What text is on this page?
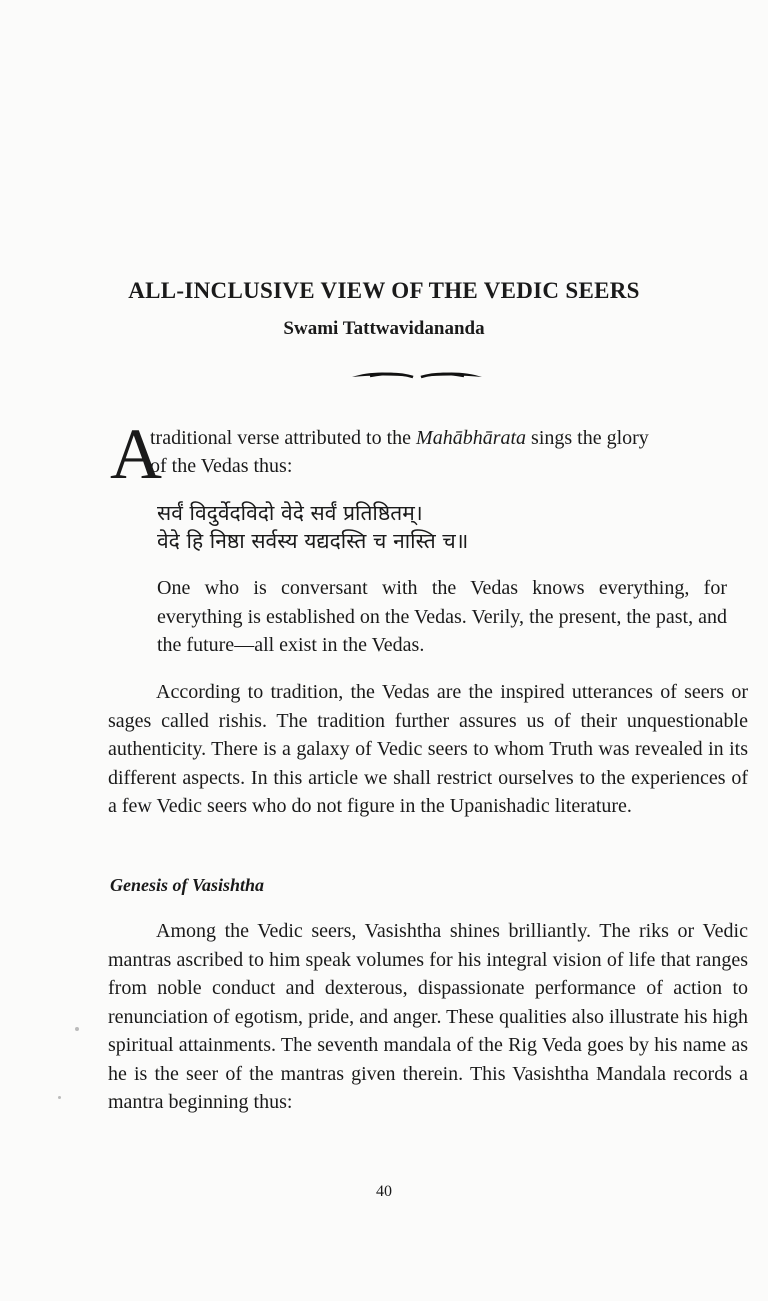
ALL-INCLUSIVE VIEW OF THE VEDIC SEERS
Swami Tattwavidananda
A
traditional verse attributed to the Mahābhārata sings the glory
of the Vedas thus:
सर्वं विदुर्वेदविदो वेदे सर्वं प्रतिष्ठितम्।
वेदे हि निष्ठा सर्वस्य यद्यदस्ति च नास्ति च॥
One who is conversant with the Vedas knows everything, for everything is established on the Vedas. Verily, the present, the past, and the future—all exist in the Vedas.
According to tradition, the Vedas are the inspired utterances of seers or sages called rishis. The tradition further assures us of their unquestionable authenticity. There is a galaxy of Vedic seers to whom Truth was revealed in its different aspects. In this article we shall restrict ourselves to the experiences of a few Vedic seers who do not figure in the Upanishadic literature.
Genesis of Vasishtha
Among the Vedic seers, Vasishtha shines brilliantly. The riks or Vedic mantras ascribed to him speak volumes for his integral vision of life that ranges from noble conduct and dexterous, dispassionate performance of action to renunciation of egotism, pride, and anger. These qualities also illustrate his high spiritual attainments. The seventh mandala of the Rig Veda goes by his name as he is the seer of the mantras given therein. This Vasishtha Mandala records a mantra beginning thus:
40
